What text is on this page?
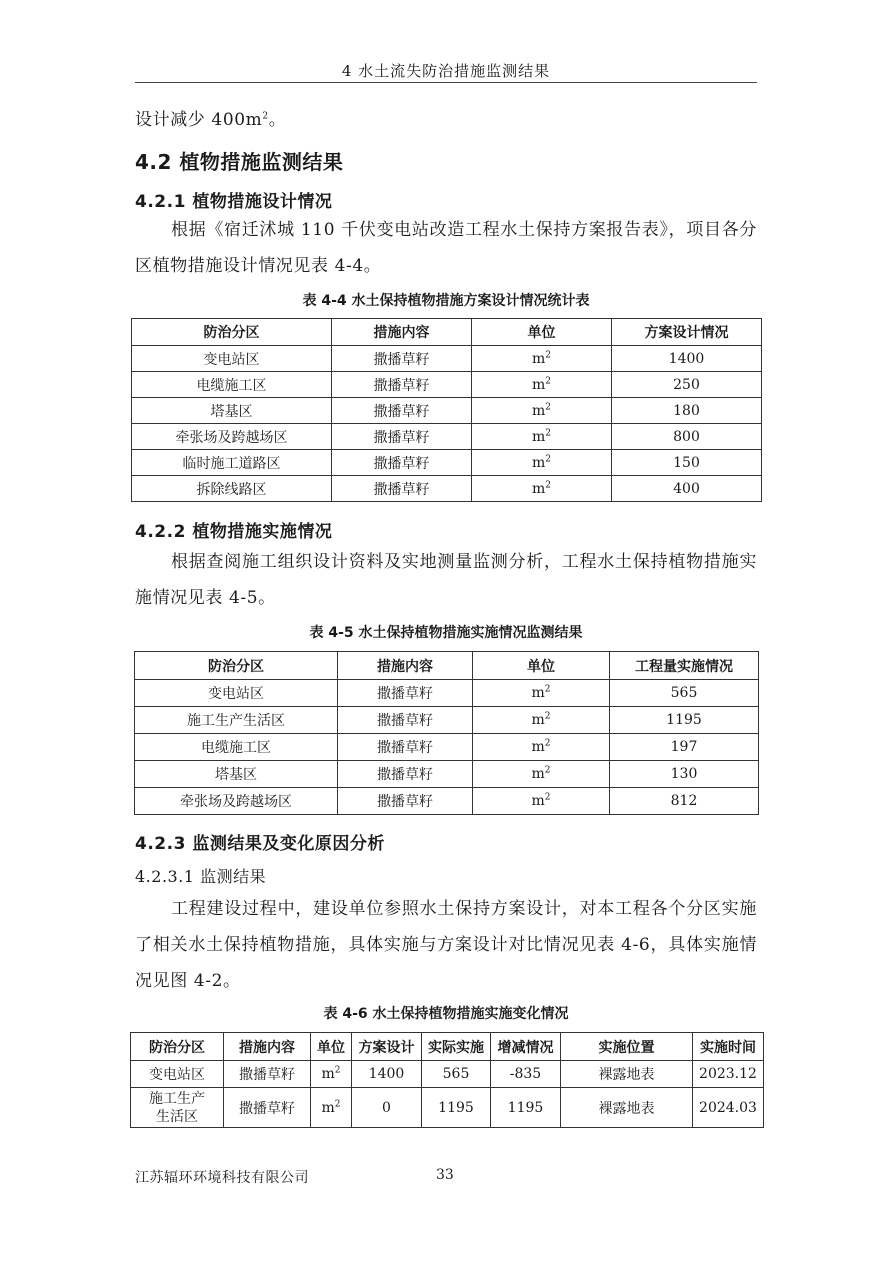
4 水土流失防治措施监测结果

设计减少 $400m^2$。

4.2 植物措施监测结果
4.2.1 植物措施设计情况

根据《宿迁沭城 110 千伏变电站改造工程水土保持方案报告表》，项目各分区植物措施设计情况见表 4-4。

表 4-4 水土保持植物措施方案设计情况统计表
防治分区	措施内容	单位	方案设计情况
变电站区	撒播草籽	$m^2$	1400
电缆施工区	撒播草籽	$m^2$	250
塔基区	撒播草籽	$m^2$	180
牵张场及跨越场区	撒播草籽	$m^2$	800
临时施工道路区	撒播草籽	$m^2$	150
拆除线路区	撒播草籽	$m^2$	400
4.2.2 植物措施实施情况

根据查阅施工组织设计资料及实地测量监测分析，工程水土保持植物措施实施情况见表 4-5。

表 4-5 水土保持植物措施实施情况监测结果
防治分区	措施内容	单位	工程量实施情况
变电站区	撒播草籽	$m^2$	565
施工生产生活区	撒播草籽	$m^2$	1195
电缆施工区	撒播草籽	$m^2$	197
塔基区	撒播草籽	$m^2$	130
牵张场及跨越场区	撒播草籽	$m^2$	812
4.2.3 监测结果及变化原因分析
4.2.3.1 监测结果

工程建设过程中，建设单位参照水土保持方案设计，对本工程各个分区实施了相关水土保持植物措施，具体实施与方案设计对比情况见表 4-6，具体实施情况见图 4-2。

表 4-6 水土保持植物措施实施变化情况
防治分区	措施内容	单位	方案设计	实际实施	增减情况	实施位置	实施时间
变电站区	撒播草籽	$m^2$	1400	565	-835	裸露地表	2023.12
施工生产生活区	撒播草籽	$m^2$	0	1195	1195	裸露地表	2024.03
江苏辐环环境科技有限公司	33
